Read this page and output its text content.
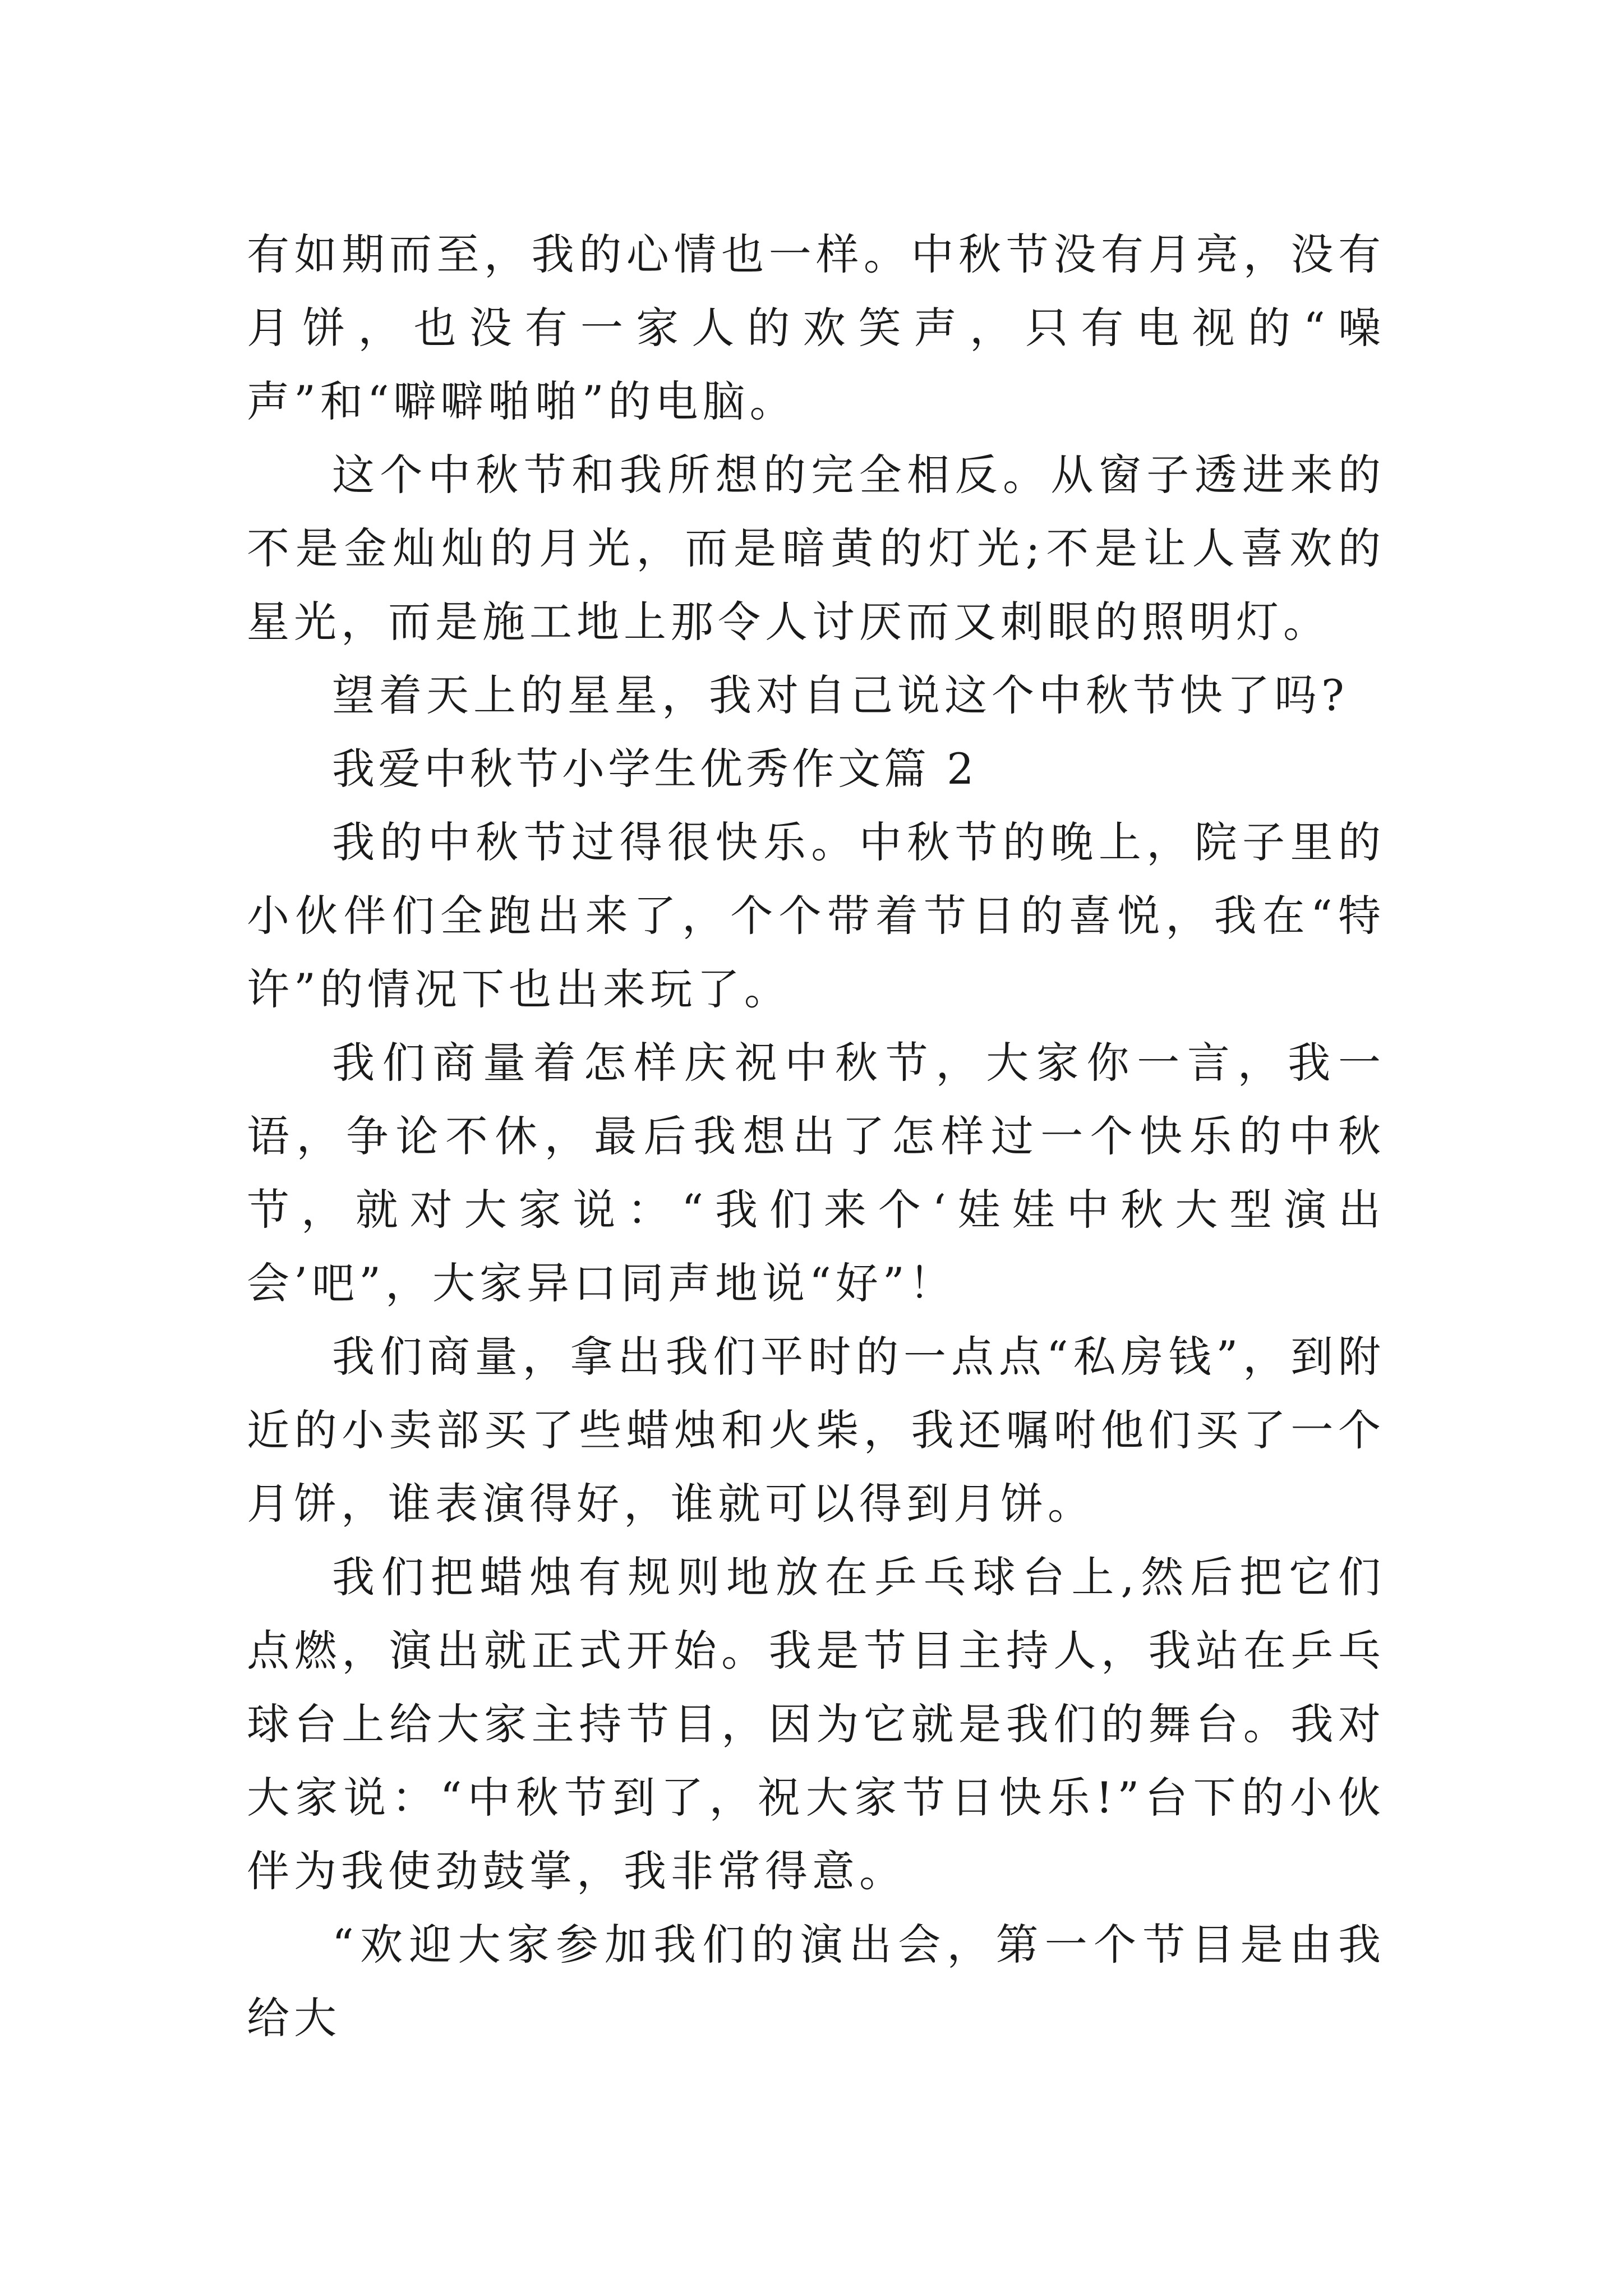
有如期而至，我的心情也一样。中秋节没有月亮，没有月饼，也没有一家人的欢笑声，只有电视的“噪声”和“噼噼啪啪”的电脑。

这个中秋节和我所想的完全相反。从窗子透进来的不是金灿灿的月光，而是暗黄的灯光;不是让人喜欢的星光，而是施工地上那令人讨厌而又刺眼的照明灯。

望着天上的星星，我对自己说这个中秋节快了吗?

我爱中秋节小学生优秀作文篇 2

我的中秋节过得很快乐。中秋节的晚上，院子里的小伙伴们全跑出来了，个个带着节日的喜悦，我在“特许”的情况下也出来玩了。

我们商量着怎样庆祝中秋节，大家你一言，我一语，争论不休，最后我想出了怎样过一个快乐的中秋节，就对大家说：“我们来个‘娃娃中秋大型演出会’吧”，大家异口同声地说“好”！

我们商量，拿出我们平时的一点点“私房钱”，到附近的小卖部买了些蜡烛和火柴，我还嘱咐他们买了一个月饼，谁表演得好，谁就可以得到月饼。

我们把蜡烛有规则地放在乒乓球台上,然后把它们点燃，演出就正式开始。我是节目主持人，我站在乒乓球台上给大家主持节目，因为它就是我们的舞台。我对大家说：“中秋节到了，祝大家节日快乐!”台下的小伙伴为我使劲鼓掌，我非常得意。

“欢迎大家参加我们的演出会，第一个节目是由我给大
